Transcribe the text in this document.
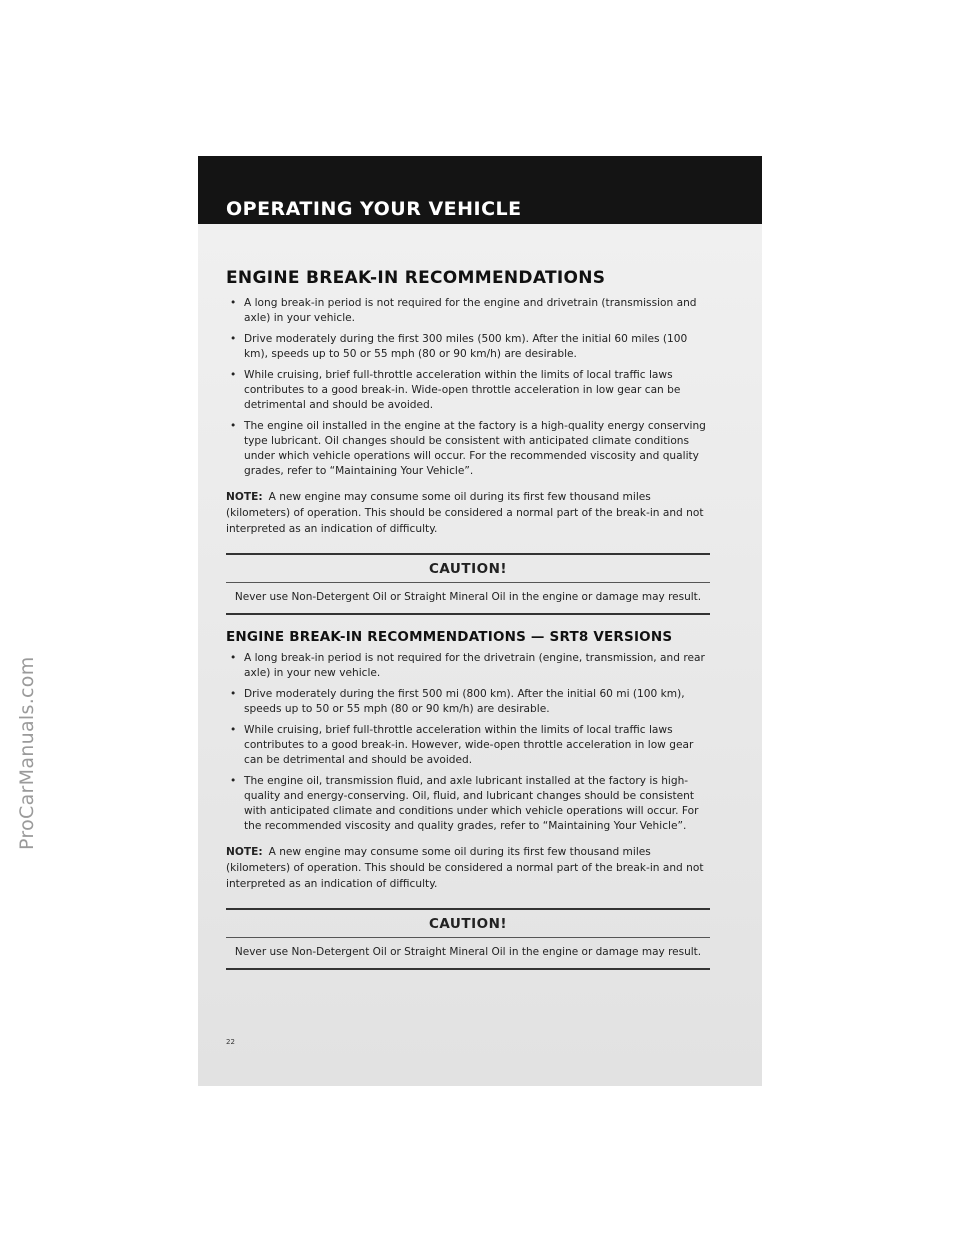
OPERATING YOUR VEHICLE
ENGINE BREAK-IN RECOMMENDATIONS
• A long break-in period is not required for the engine and drivetrain (transmission and axle) in your vehicle.
• Drive moderately during the first 300 miles (500 km). After the initial 60 miles (100 km), speeds up to 50 or 55 mph (80 or 90 km/h) are desirable.
• While cruising, brief full-throttle acceleration within the limits of local traffic laws contributes to a good break-in. Wide-open throttle acceleration in low gear can be detrimental and should be avoided.
• The engine oil installed in the engine at the factory is a high-quality energy conserving type lubricant. Oil changes should be consistent with anticipated climate conditions under which vehicle operations will occur. For the recommended viscosity and quality grades, refer to “Maintaining Your Vehicle”.

NOTE: A new engine may consume some oil during its first few thousand miles (kilometers) of operation. This should be considered a normal part of the break-in and not interpreted as an indication of difficulty.

CAUTION!
Never use Non-Detergent Oil or Straight Mineral Oil in the engine or damage may result.
ENGINE BREAK-IN RECOMMENDATIONS — SRT8 VERSIONS
• A long break-in period is not required for the drivetrain (engine, transmission, and rear axle) in your new vehicle.
• Drive moderately during the first 500 mi (800 km). After the initial 60 mi (100 km), speeds up to 50 or 55 mph (80 or 90 km/h) are desirable.
• While cruising, brief full-throttle acceleration within the limits of local traffic laws contributes to a good break-in. However, wide-open throttle acceleration in low gear can be detrimental and should be avoided.
• The engine oil, transmission fluid, and axle lubricant installed at the factory is high-quality and energy-conserving. Oil, fluid, and lubricant changes should be consistent with anticipated climate and conditions under which vehicle operations will occur. For the recommended viscosity and quality grades, refer to “Maintaining Your Vehicle”.

NOTE: A new engine may consume some oil during its first few thousand miles (kilometers) of operation. This should be considered a normal part of the break-in and not interpreted as an indication of difficulty.

CAUTION!
Never use Non-Detergent Oil or Straight Mineral Oil in the engine or damage may result.
22
ProCarManuals.com
